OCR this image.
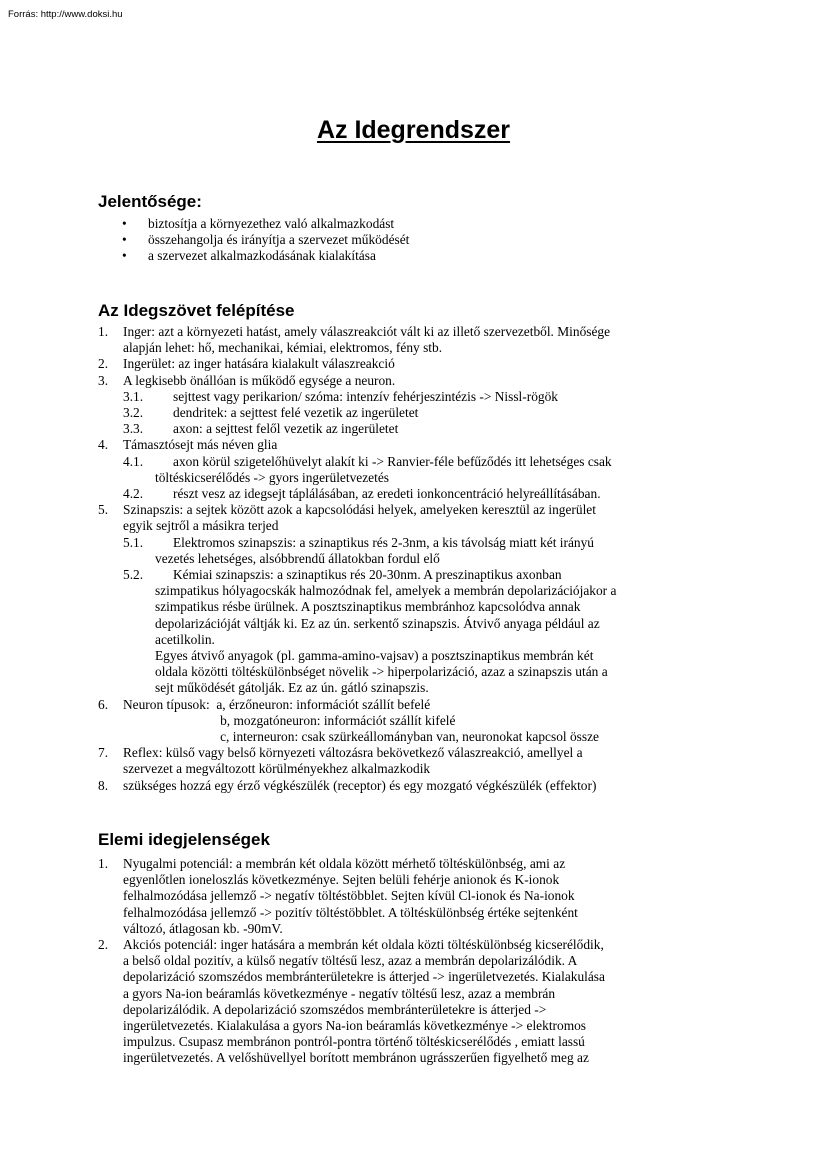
Forrás: http://www.doksi.hu
Az Idegrendszer
Jelentősége:
• biztosítja a környezethez való alkalmazkodást
• összehangolja és irányítja a szervezet működését
• a szervezet alkalmazkodásának kialakítása
Az Idegszövet felépítése
1. Inger: azt a környezeti hatást, amely válaszreakciót vált ki az illető szervezetből. Minősége
alapján lehet: hő, mechanikai, kémiai, elektromos, fény stb.
2. Ingerület: az inger hatására kialakult válaszreakció
3. A legkisebb önállóan is működő egysége a neuron.
3.1. sejttest vagy perikarion/ szóma: intenzív fehérjeszintézis -> Nissl-rögök
3.2. dendritek: a sejttest felé vezetik az ingerületet
3.3. axon: a sejttest felől vezetik az ingerületet
4. Támasztósejt más néven glia
4.1. axon körül szigetelőhüvelyt alakít ki -> Ranvier-féle befűződés itt lehetséges csak
töltéskicserélődés -> gyors ingerületvezetés
4.2. részt vesz az idegsejt táplálásában, az eredeti ionkoncentráció helyreállításában.
5. Szinapszis: a sejtek között azok a kapcsolódási helyek, amelyeken keresztül az ingerület
egyik sejtről a másikra terjed
5.1. Elektromos szinapszis: a szinaptikus rés 2-3nm, a kis távolság miatt két irányú
vezetés lehetséges, alsóbbrendű állatokban fordul elő
5.2. Kémiai szinapszis: a szinaptikus rés 20-30nm. A preszinaptikus axonban
szimpatikus hólyagocskák halmozódnak fel, amelyek a membrán depolarizációjakor a
szimpatikus résbe ürülnek. A posztszinaptikus membránhoz kapcsolódva annak
depolarizációját váltják ki. Ez az ún. serkentő szinapszis. Átvivő anyaga például az
acetilkolin.
Egyes átvivő anyagok (pl. gamma-amino-vajsav) a posztszinaptikus membrán két
oldala közötti töltéskülönbséget növelik -> hiperpolarizáció, azaz a szinapszis után a
sejt működését gátolják. Ez az ún. gátló szinapszis.
6. Neuron típusok:  a, érzőneuron: információt szállít befelé
b, mozgatóneuron: információt szállít kifelé
c, interneuron: csak szürkeállományban van, neuronokat kapcsol össze
7. Reflex: külső vagy belső környezeti változásra bekövetkező válaszreakció, amellyel a
szervezet a megváltozott körülményekhez alkalmazkodik
8. szükséges hozzá egy érző végkészülék (receptor) és egy mozgató végkészülék (effektor)
Elemi idegjelenségek
1. Nyugalmi potenciál: a membrán két oldala között mérhető töltéskülönbség, ami az
egyenlőtlen ioneloszlás következménye. Sejten belüli fehérje anionok és K-ionok
felhalmozódása jellemző -> negatív töltéstöbblet. Sejten kívül Cl-ionok és Na-ionok
felhalmozódása jellemző -> pozitív töltéstöbblet. A töltéskülönbség értéke sejtenként
változó, átlagosan kb. -90mV.
2. Akciós potenciál: inger hatására a membrán két oldala közti töltéskülönbség kicserélődik,
a belső oldal pozitív, a külső negatív töltésű lesz, azaz a membrán depolarizálódik. A
depolarizáció szomszédos membránterületekre is átterjed -> ingerületvezetés. Kialakulása
a gyors Na-ion beáramlás következménye - negatív töltésű lesz, azaz a membrán
depolarizálódik. A depolarizáció szomszédos membránterületekre is átterjed ->
ingerületvezetés. Kialakulása a gyors Na-ion beáramlás következménye -> elektromos
impulzus. Csupasz membránon pontról-pontra történő töltéskicserélődés , emiatt lassú
ingerületvezetés. A velőshüvellyel borított membránon ugrásszerűen figyelhető meg az
